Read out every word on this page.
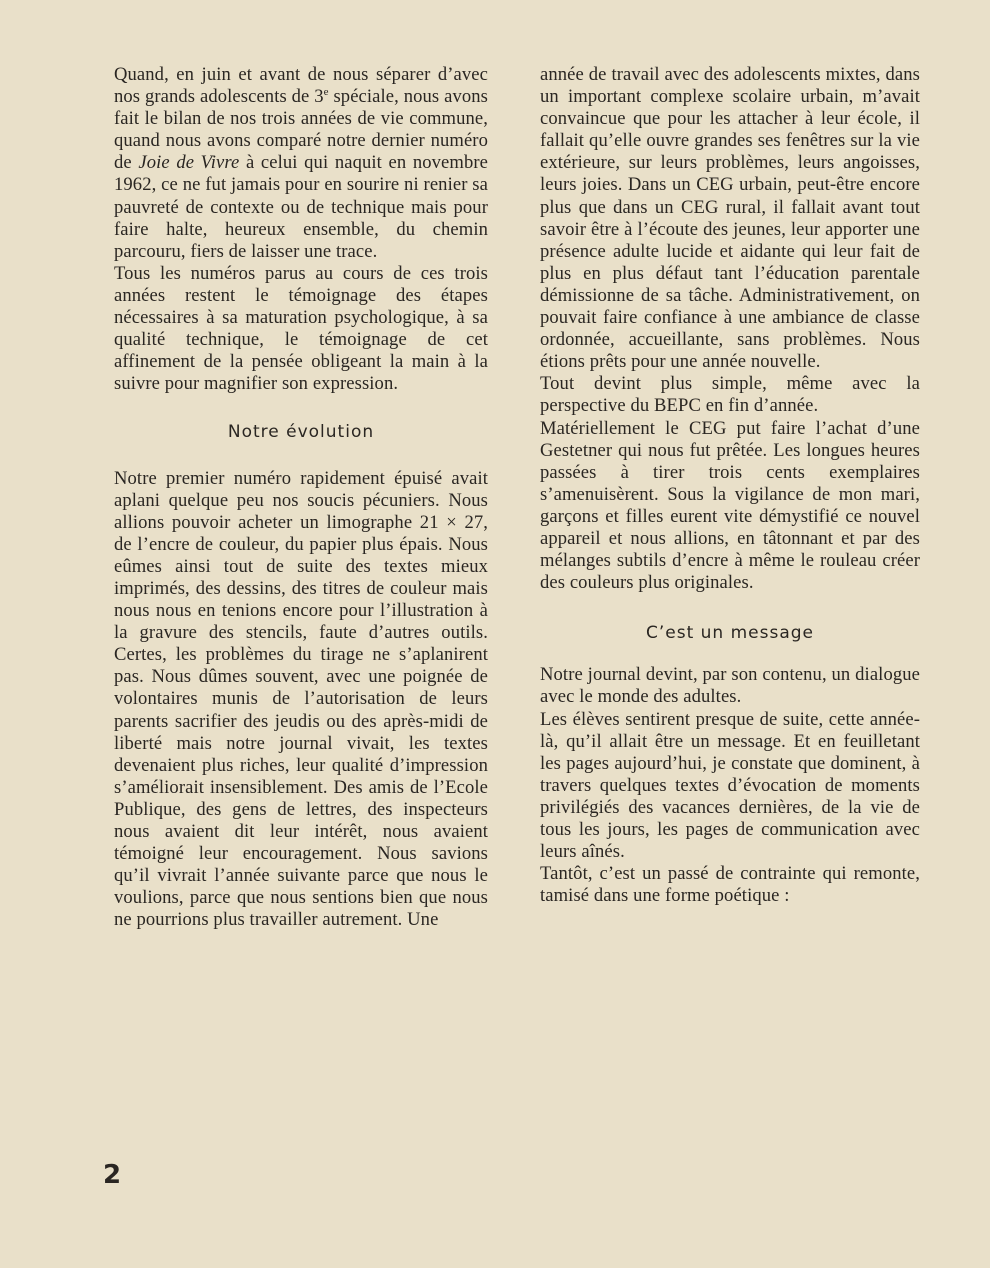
Quand, en juin et avant de nous séparer d’avec nos grands adolescents de 3e spéciale, nous avons fait le bilan de nos trois années de vie commune, quand nous avons comparé notre dernier numéro de Joie de Vivre à celui qui naquit en novembre 1962, ce ne fut jamais pour en sourire ni renier sa pauvreté de contexte ou de technique mais pour faire halte, heureux ensemble, du chemin parcouru, fiers de laisser une trace.

Tous les numéros parus au cours de ces trois années restent le témoignage des étapes nécessaires à sa maturation psychologique, à sa qualité technique, le témoignage de cet affinement de la pensée obligeant la main à la suivre pour magnifier son expression.

Notre évolution

Notre premier numéro rapidement épuisé avait aplani quelque peu nos soucis pécuniers. Nous allions pouvoir acheter un limographe 21 × 27, de l’encre de couleur, du papier plus épais. Nous eûmes ainsi tout de suite des textes mieux imprimés, des dessins, des titres de couleur mais nous nous en tenions encore pour l’illustration à la gravure des stencils, faute d’autres outils. Certes, les problèmes du tirage ne s’aplanirent pas. Nous dûmes souvent, avec une poignée de volontaires munis de l’autorisation de leurs parents sacrifier des jeudis ou des après-midi de liberté mais notre journal vivait, les textes devenaient plus riches, leur qualité d’impression s’améliorait insensiblement. Des amis de l’Ecole Publique, des gens de lettres, des inspecteurs nous avaient dit leur intérêt, nous avaient témoigné leur encouragement. Nous savions qu’il vivrait l’année suivante parce que nous le voulions, parce que nous sentions bien que nous ne pourrions plus travailler autrement. Une

année de travail avec des adolescents mixtes, dans un important complexe scolaire urbain, m’avait convaincue que pour les attacher à leur école, il fallait qu’elle ouvre grandes ses fenêtres sur la vie extérieure, sur leurs problèmes, leurs angoisses, leurs joies. Dans un CEG urbain, peut-être encore plus que dans un CEG rural, il fallait avant tout savoir être à l’écoute des jeunes, leur apporter une présence adulte lucide et aidante qui leur fait de plus en plus défaut tant l’éducation parentale démissionne de sa tâche. Administrativement, on pouvait faire confiance à une ambiance de classe ordonnée, accueillante, sans problèmes. Nous étions prêts pour une année nouvelle.

Tout devint plus simple, même avec la perspective du BEPC en fin d’année.

Matériellement le CEG put faire l’achat d’une Gestetner qui nous fut prêtée. Les longues heures passées à tirer trois cents exemplaires s’amenuisèrent. Sous la vigilance de mon mari, garçons et filles eurent vite démystifié ce nouvel appareil et nous allions, en tâtonnant et par des mélanges subtils d’encre à même le rouleau créer des couleurs plus originales.

C’est un message

Notre journal devint, par son contenu, un dialogue avec le monde des adultes.

Les élèves sentirent presque de suite, cette année-là, qu’il allait être un message. Et en feuilletant les pages aujourd’hui, je constate que dominent, à travers quelques textes d’évocation de moments privilégiés des vacances dernières, de la vie de tous les jours, les pages de communication avec leurs aînés.

Tantôt, c’est un passé de contrainte qui remonte, tamisé dans une forme poétique :

2
